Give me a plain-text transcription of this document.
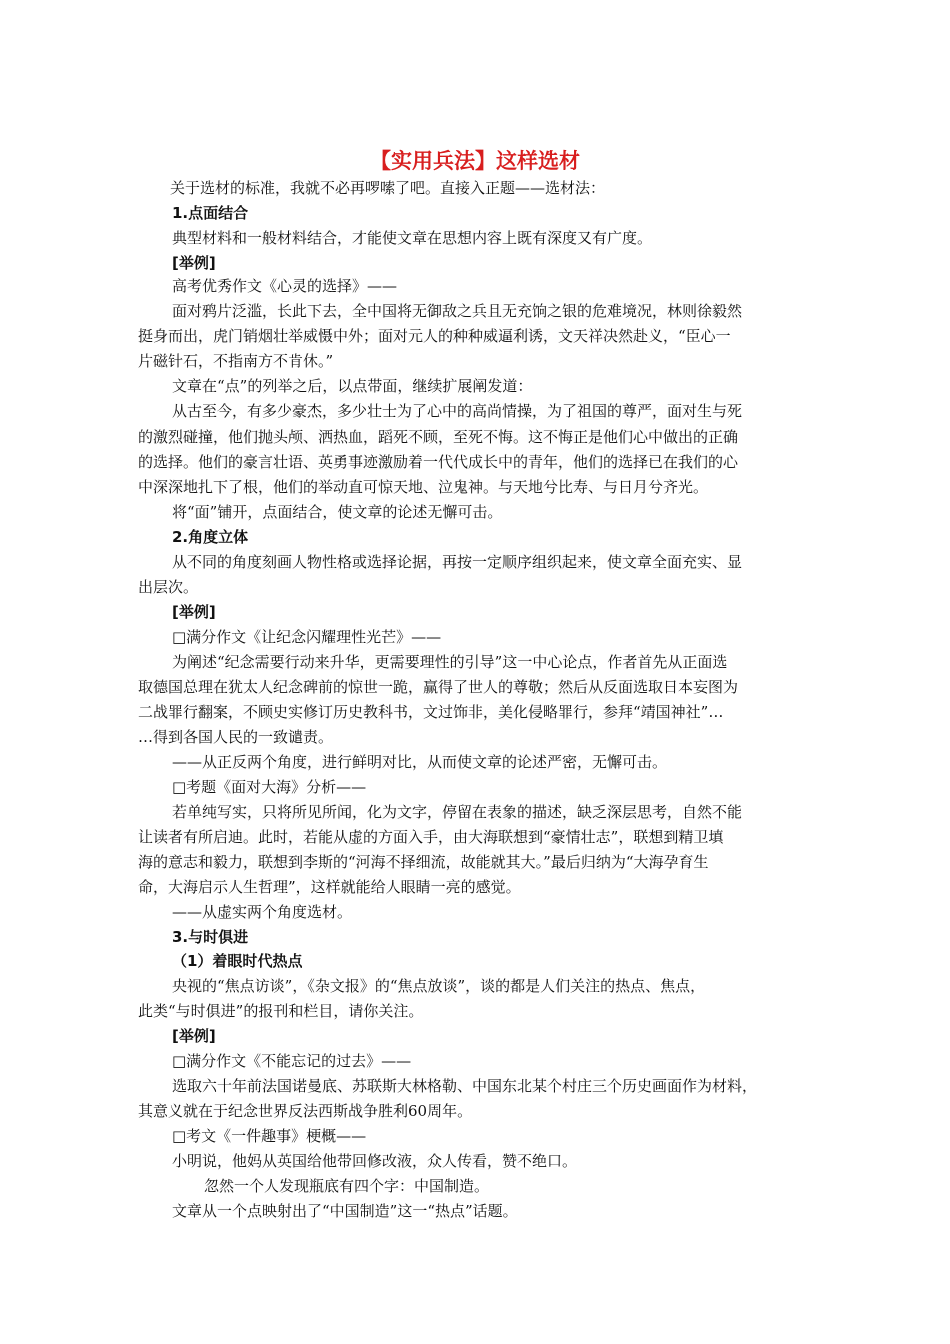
【实用兵法】这样选材
关于选材的标准，我就不必再啰嗦了吧。直接入正题——选材法：
1.点面结合
典型材料和一般材料结合，才能使文章在思想内容上既有深度又有广度。
[举例]
高考优秀作文《心灵的选择》——
面对鸦片泛滥，长此下去，全中国将无御敌之兵且无充饷之银的危难境况，林则徐毅然
挺身而出，虎门销烟壮举威慑中外；面对元人的种种威逼利诱，文天祥决然赴义，“臣心一
片磁针石，不指南方不肯休。”
文章在“点”的列举之后，以点带面，继续扩展阐发道：
从古至今，有多少豪杰，多少壮士为了心中的高尚情操，为了祖国的尊严，面对生与死
的激烈碰撞，他们抛头颅、洒热血，蹈死不顾，至死不悔。这不悔正是他们心中做出的正确
的选择。他们的豪言壮语、英勇事迹激励着一代代成长中的青年，他们的选择已在我们的心
中深深地扎下了根，他们的举动直可惊天地、泣鬼神。与天地兮比寿、与日月兮齐光。
将“面”铺开，点面结合，使文章的论述无懈可击。
2.角度立体
从不同的角度刻画人物性格或选择论据，再按一定顺序组织起来，使文章全面充实、显
出层次。
[举例]
□满分作文《让纪念闪耀理性光芒》——
为阐述“纪念需要行动来升华，更需要理性的引导”这一中心论点，作者首先从正面选
取德国总理在犹太人纪念碑前的惊世一跪，赢得了世人的尊敬；然后从反面选取日本妄图为
二战罪行翻案，不顾史实修订历史教科书，文过饰非，美化侵略罪行，参拜“靖国神社”…
…得到各国人民的一致谴责。
——从正反两个角度，进行鲜明对比，从而使文章的论述严密，无懈可击。
□考题《面对大海》分析——
若单纯写实，只将所见所闻，化为文字，停留在表象的描述，缺乏深层思考，自然不能
让读者有所启迪。此时，若能从虚的方面入手，由大海联想到“豪情壮志”，联想到精卫填
海的意志和毅力，联想到李斯的“河海不择细流，故能就其大。”最后归纳为“大海孕育生
命，大海启示人生哲理”，这样就能给人眼睛一亮的感觉。
——从虚实两个角度选材。
3.与时俱进
（1）着眼时代热点
央视的“焦点访谈”，《杂文报》的“焦点放谈”，谈的都是人们关注的热点、焦点，
此类“与时俱进”的报刊和栏目，请你关注。
[举例]
□满分作文《不能忘记的过去》——
选取六十年前法国诺曼底、苏联斯大林格勒、中国东北某个村庄三个历史画面作为材料，
其意义就在于纪念世界反法西斯战争胜利60周年。
□考文《一件趣事》梗概——
小明说，他妈从英国给他带回修改液，众人传看，赞不绝口。
忽然一个人发现瓶底有四个字：中国制造。
文章从一个点映射出了“中国制造”这一“热点”话题。
